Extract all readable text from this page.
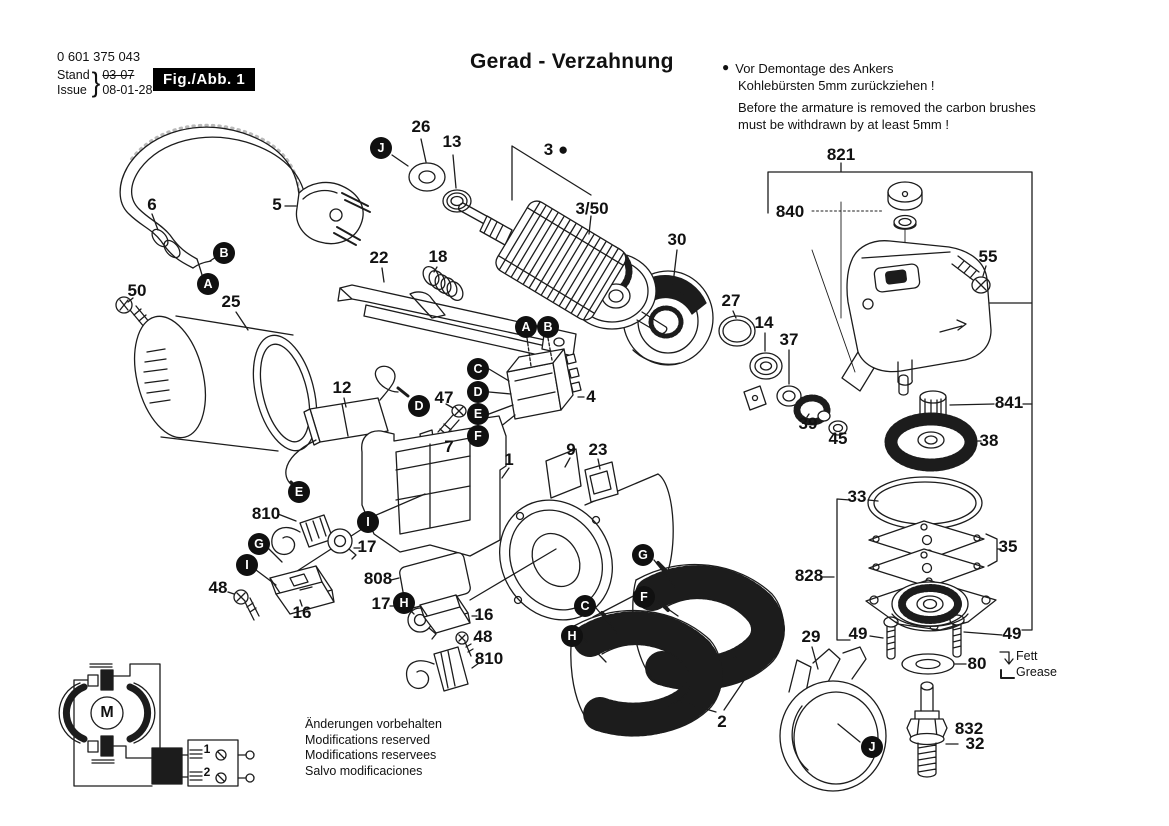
0 601 375 043
Stand
Issue } 03-07
08-01-28
Fig./Abb. 1
Gerad - Verzahnung	● Vor Demontage des Ankers
Kohlebürsten 5mm zurückziehen !
Before the armature is removed the carbon brushes
must be withdrawn by at least 5mm !
26
13	3 ●
3/50
5
6
50
25
22 18
30
27
14
37
39
45
12
47
7
4
1
9 23
810
17
48
16
808
17
16
48
810
2
29
821
840
55
841
38
33
35
828
49	49
80
832
32
J
B
A
A	B
C
D
E
F
D
E
I
G
I
H
G
F
C
H
J
Fett
Grease
M
1
2
Änderungen vorbehalten
Modifications reserved
Modifications reservees
Salvo modificaciones
